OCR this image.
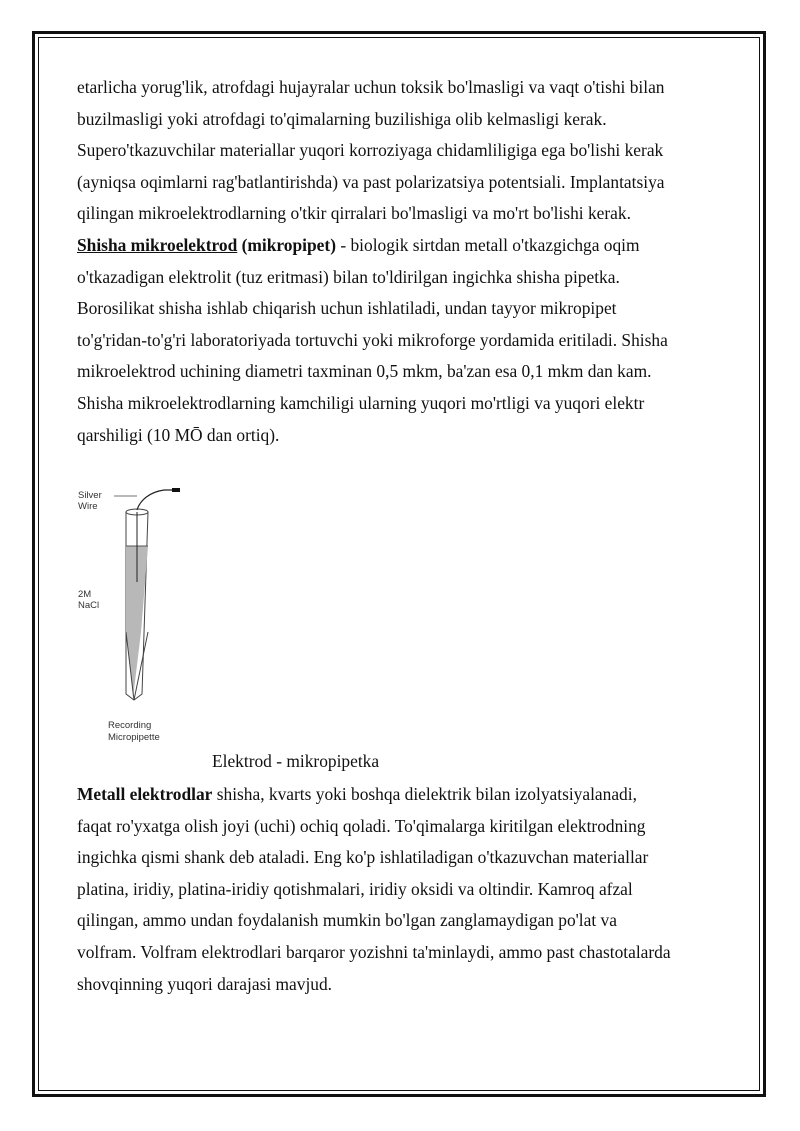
etarlicha yorug'lik, atrofdagi hujayralar uchun toksik bo'lmasligi va vaqt o'tishi bilan

buzilmasligi yoki atrofdagi to'qimalarning buzilishiga olib kelmasligi kerak.

Supero'tkazuvchilar materiallar yuqori korroziyaga chidamliligiga ega bo'lishi kerak

(ayniqsa oqimlarni rag'batlantirishda) va past polarizatsiya potentsiali. Implantatsiya

qilingan mikroelektrodlarning o'tkir qirralari bo'lmasligi va mo'rt bo'lishi kerak.

Shisha mikroelektrod (mikropipet) - biologik sirtdan metall o'tkazgichga oqim

o'tkazadigan elektrolit (tuz eritmasi) bilan to'ldirilgan ingichka shisha pipetka.

Borosilikat shisha ishlab chiqarish uchun ishlatiladi, undan tayyor mikropipet

to'g'ridan-to'g'ri laboratoriyada tortuvchi yoki mikroforge yordamida eritiladi. Shisha

mikroelektrod uchining diametri taxminan 0,5 mkm, ba'zan esa 0,1 mkm dan kam.

Shisha mikroelektrodlarning kamchiligi ularning yuqori mo'rtligi va yuqori elektr

qarshiligi (10 MŌ dan ortiq).

Silver
Wire
2M
NaCl
Recording
Micropipette
Elektrod - mikropipetka

Metall elektrodlar shisha, kvarts yoki boshqa dielektrik bilan izolyatsiyalanadi,

faqat ro'yxatga olish joyi (uchi) ochiq qoladi. To'qimalarga kiritilgan elektrodning

ingichka qismi shank deb ataladi. Eng ko'p ishlatiladigan o'tkazuvchan materiallar

platina, iridiy, platina-iridiy qotishmalari, iridiy oksidi va oltindir. Kamroq afzal

qilingan, ammo undan foydalanish mumkin bo'lgan zanglamaydigan po'lat va

volfram. Volfram elektrodlari barqaror yozishni ta'minlaydi, ammo past chastotalarda

shovqinning yuqori darajasi mavjud.
